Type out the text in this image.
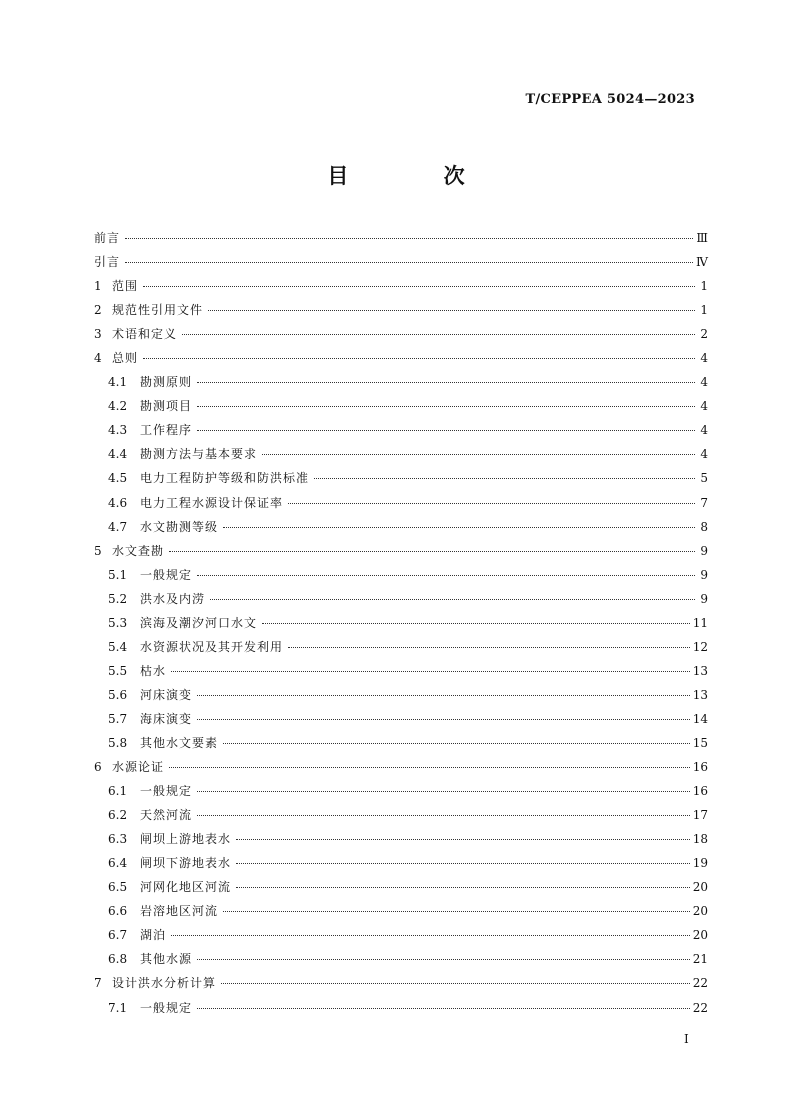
T/CEPPEA 5024—2023
目 次
前言	Ⅲ
引言	Ⅳ
1 范围	1
2 规范性引用文件	1
3 术语和定义	2
4 总则	4
4.1	勘测原则	4
4.2	勘测项目	4
4.3	工作程序	4
4.4	勘测方法与基本要求	4
4.5	电力工程防护等级和防洪标准	5
4.6	电力工程水源设计保证率	7
4.7	水文勘测等级	8
5 水文查勘	9
5.1	一般规定	9
5.2	洪水及内涝	9
5.3	滨海及潮汐河口水文	11
5.4	水资源状况及其开发利用	12
5.5	枯水	13
5.6	河床演变	13
5.7	海床演变	14
5.8	其他水文要素	15
6 水源论证	16
6.1	一般规定	16
6.2	天然河流	17
6.3	闸坝上游地表水	18
6.4	闸坝下游地表水	19
6.5	河网化地区河流	20
6.6	岩溶地区河流	20
6.7	湖泊	20
6.8	其他水源	21
7 设计洪水分析计算	22
7.1	一般规定	22
I
